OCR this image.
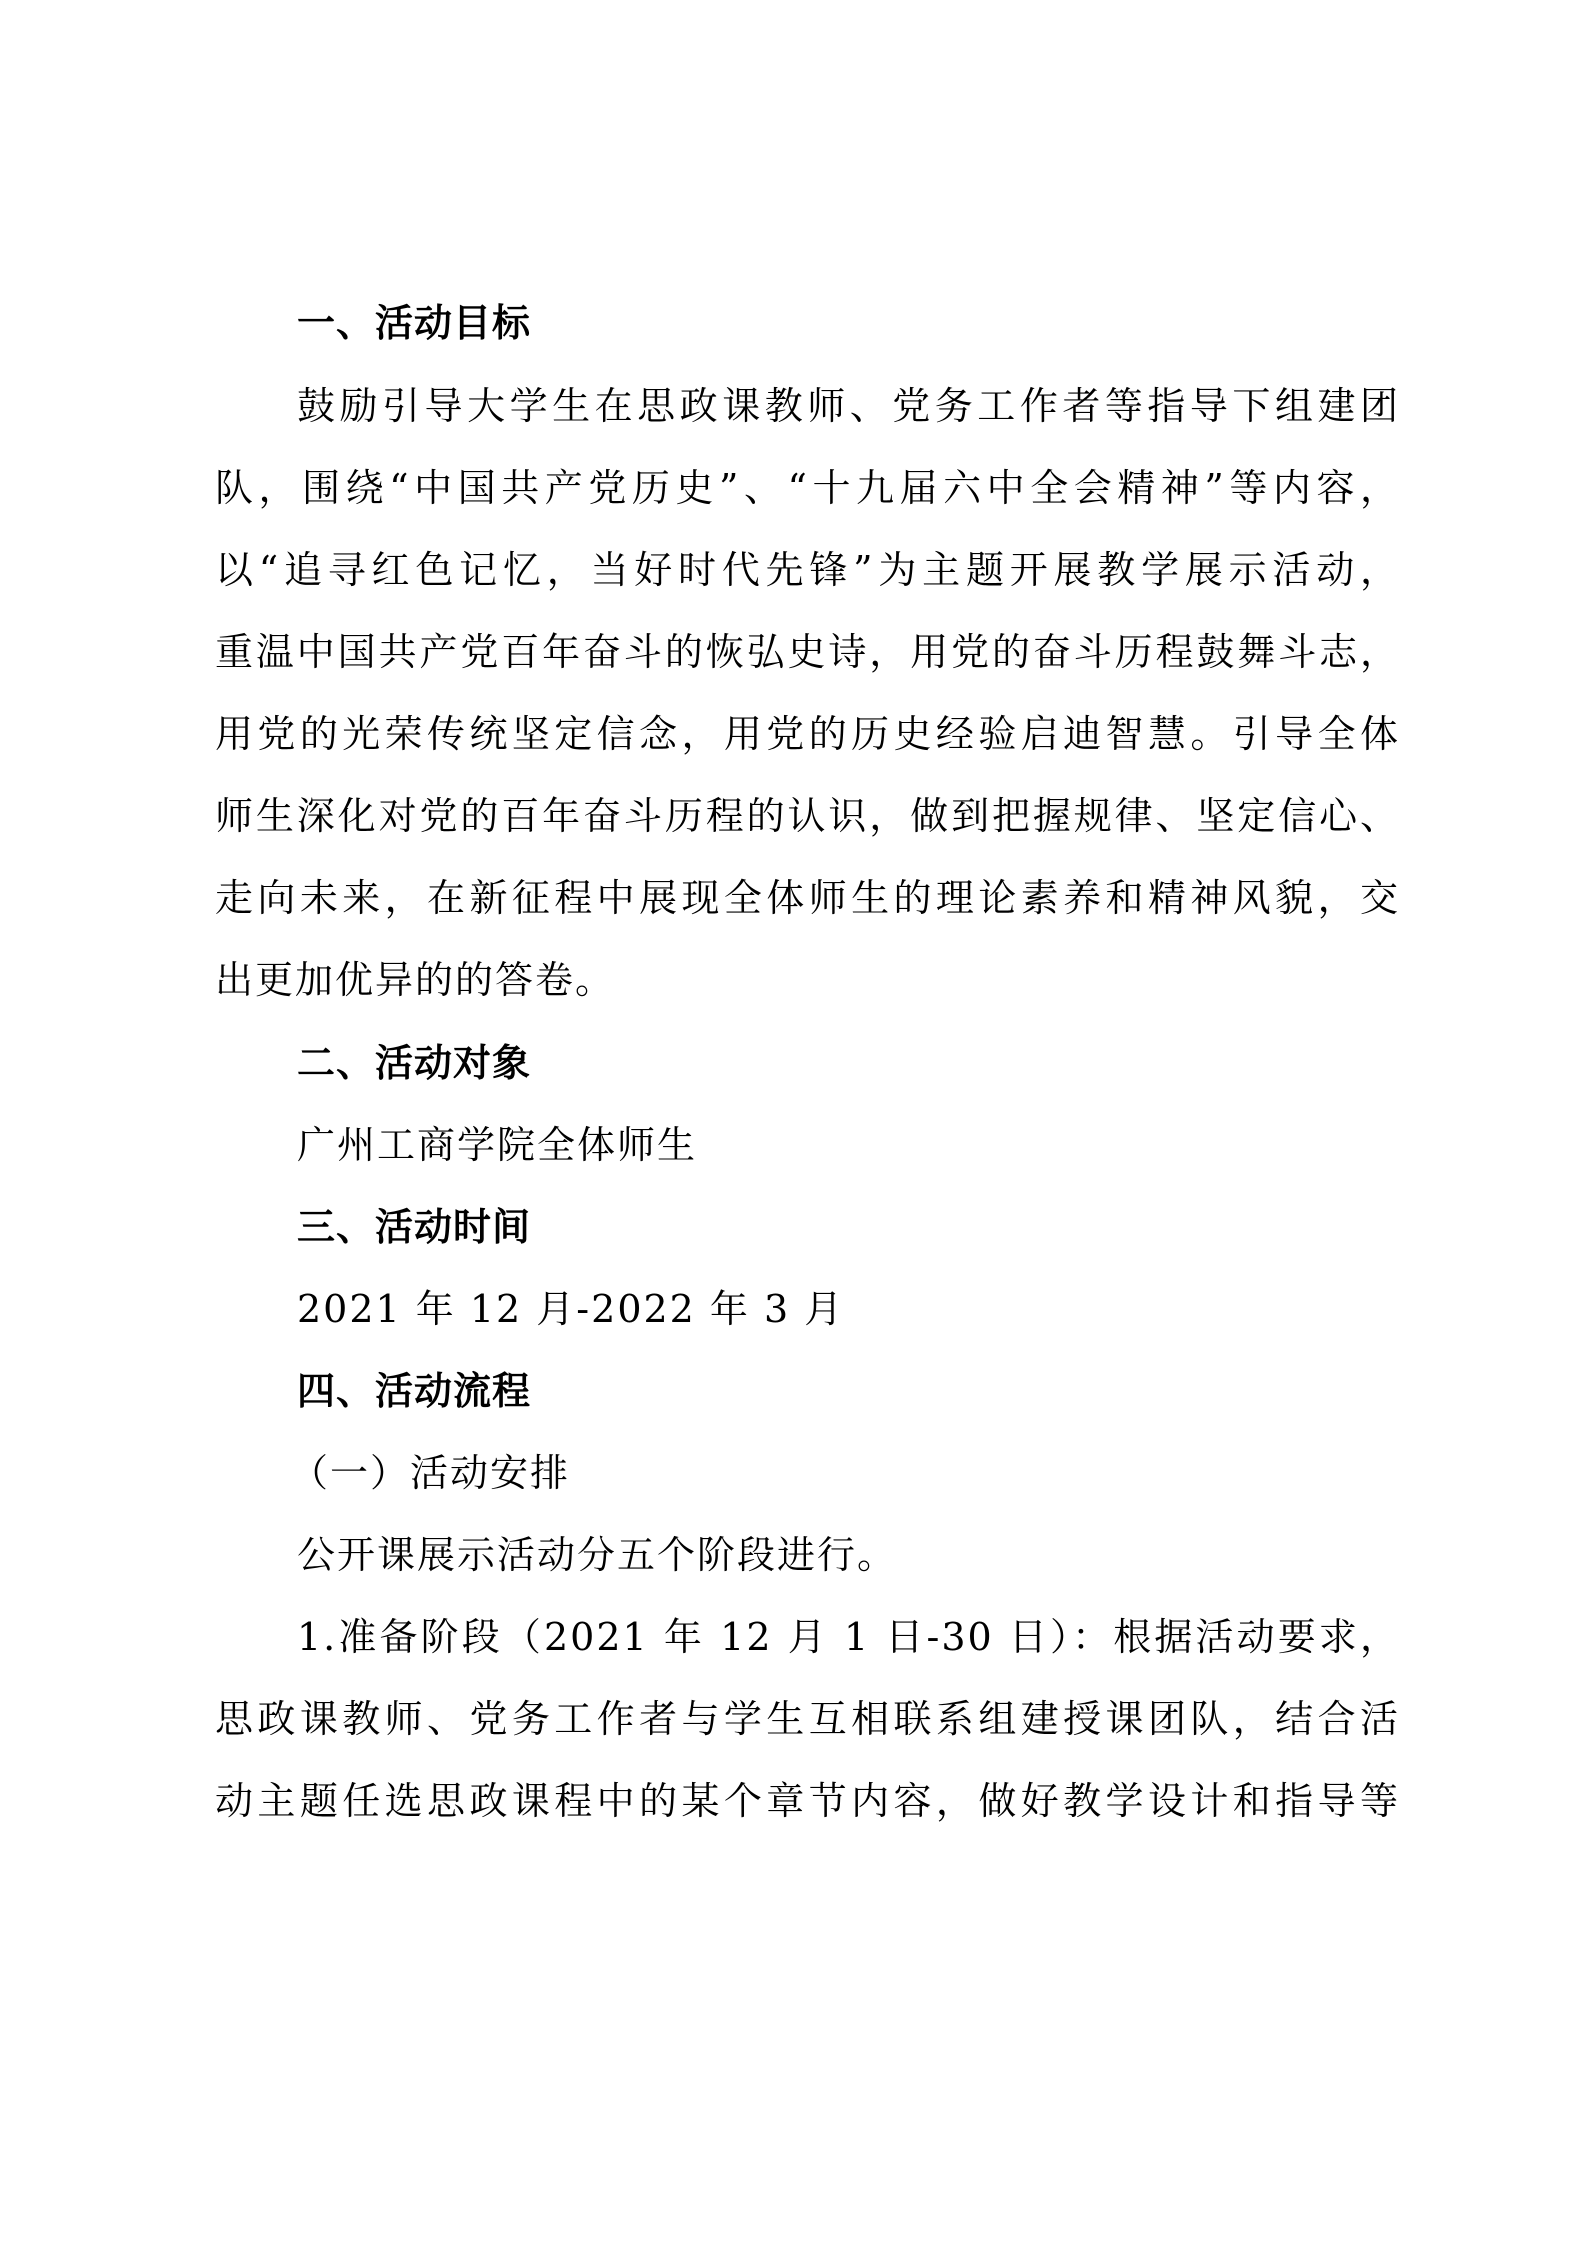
一、活动目标
鼓励引导大学生在思政课教师、党务工作者等指导下组建团
队，围绕“中国共产党历史”、“十九届六中全会精神”等内容，
以“追寻红色记忆，当好时代先锋”为主题开展教学展示活动，
重温中国共产党百年奋斗的恢弘史诗，用党的奋斗历程鼓舞斗志，
用党的光荣传统坚定信念，用党的历史经验启迪智慧。引导全体
师生深化对党的百年奋斗历程的认识，做到把握规律、坚定信心、
走向未来，在新征程中展现全体师生的理论素养和精神风貌，交
出更加优异的的答卷。
二、活动对象
广州工商学院全体师生
三、活动时间
2021 年 12 月-2022 年 3 月
四、活动流程
（一）活动安排
公开课展示活动分五个阶段进行。
1.准备阶段（2021 年 12 月 1 日-30 日）：根据活动要求，
思政课教师、党务工作者与学生互相联系组建授课团队，结合活
动主题任选思政课程中的某个章节内容，做好教学设计和指导等
